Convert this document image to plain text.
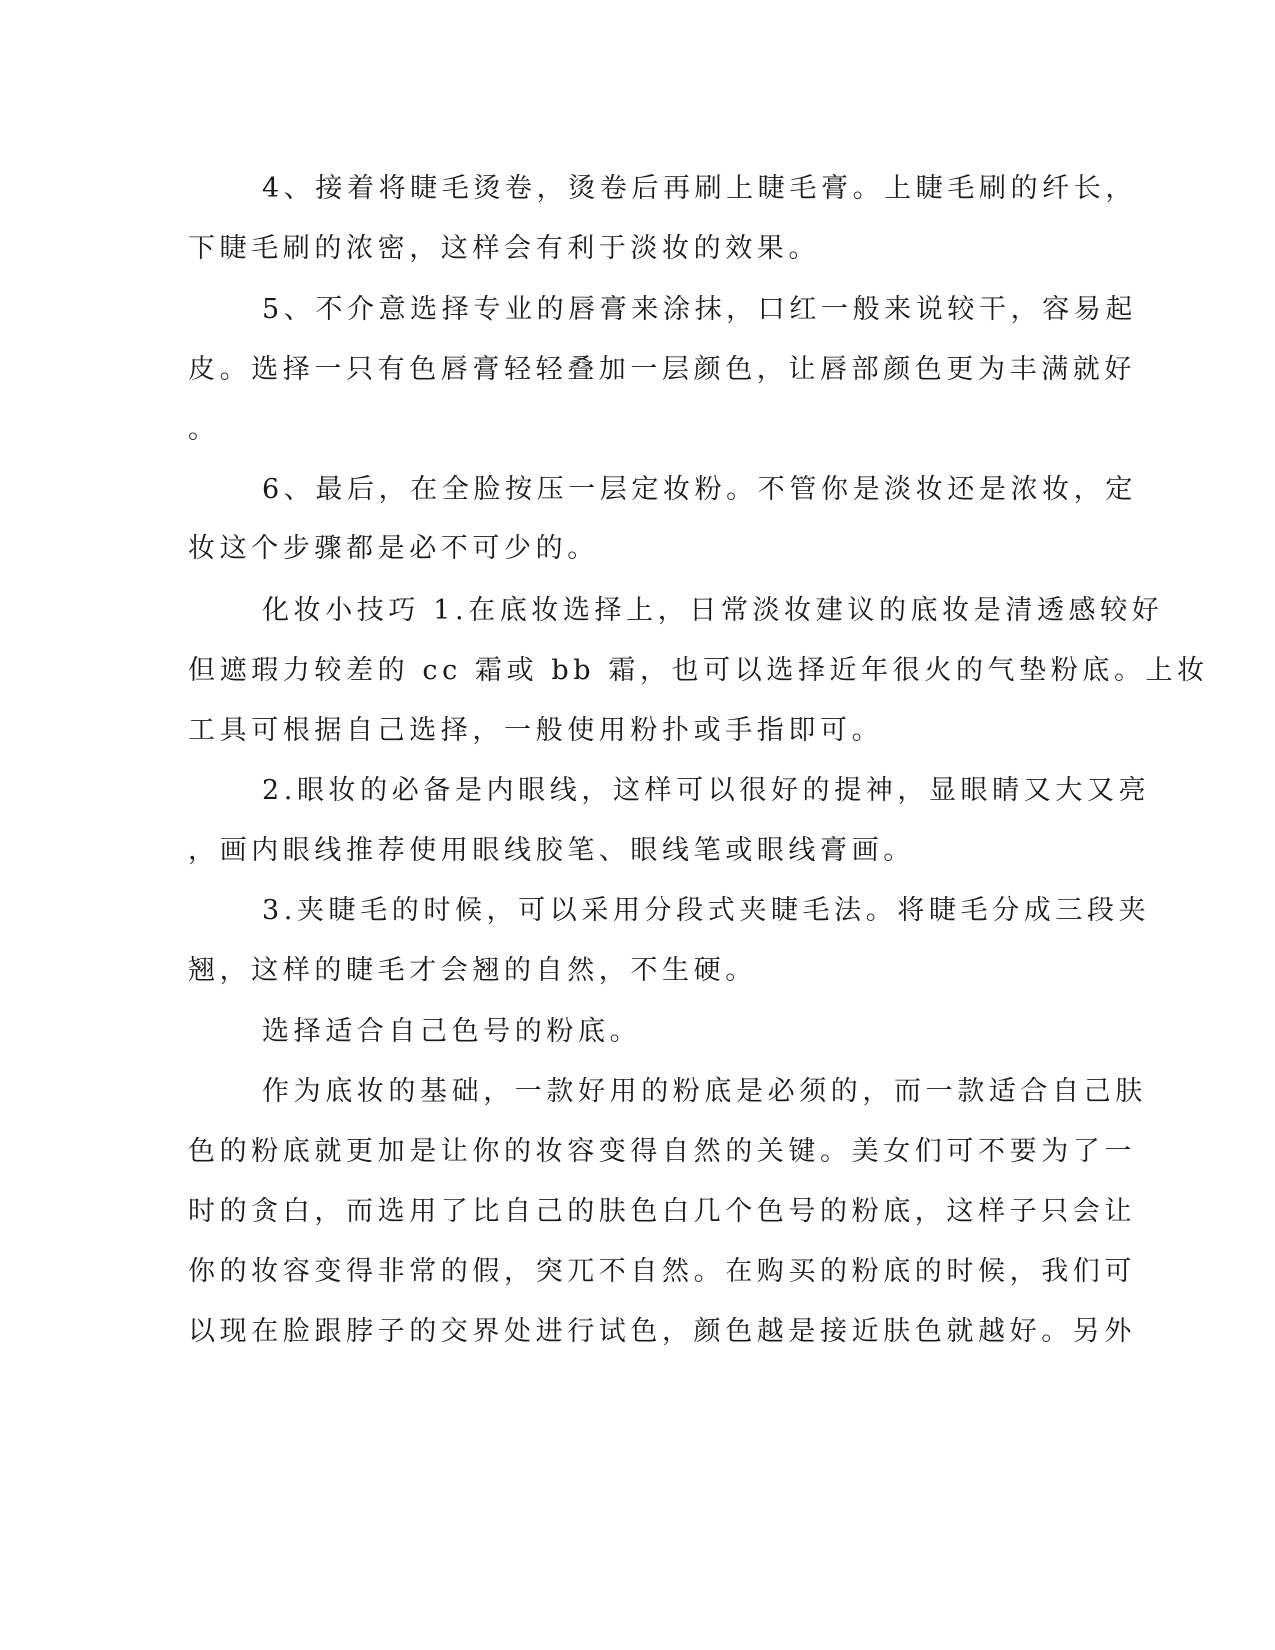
4、接着将睫毛烫卷，烫卷后再刷上睫毛膏。上睫毛刷的纤长，

下睫毛刷的浓密，这样会有利于淡妆的效果。

5、不介意选择专业的唇膏来涂抹，口红一般来说较干，容易起

皮。选择一只有色唇膏轻轻叠加一层颜色，让唇部颜色更为丰满就好

。

6、最后，在全脸按压一层定妆粉。不管你是淡妆还是浓妆，定

妆这个步骤都是必不可少的。

化妆小技巧 1.在底妆选择上，日常淡妆建议的底妆是清透感较好

但遮瑕力较差的 cc 霜或 bb 霜，也可以选择近年很火的气垫粉底。上妆

工具可根据自己选择，一般使用粉扑或手指即可。

2.眼妆的必备是内眼线，这样可以很好的提神，显眼睛又大又亮

，画内眼线推荐使用眼线胶笔、眼线笔或眼线膏画。

3.夹睫毛的时候，可以采用分段式夹睫毛法。将睫毛分成三段夹

翘，这样的睫毛才会翘的自然，不生硬。

选择适合自己色号的粉底。

作为底妆的基础，一款好用的粉底是必须的，而一款适合自己肤

色的粉底就更加是让你的妆容变得自然的关键。美女们可不要为了一

时的贪白，而选用了比自己的肤色白几个色号的粉底，这样子只会让

你的妆容变得非常的假，突兀不自然。在购买的粉底的时候，我们可

以现在脸跟脖子的交界处进行试色，颜色越是接近肤色就越好。另外
